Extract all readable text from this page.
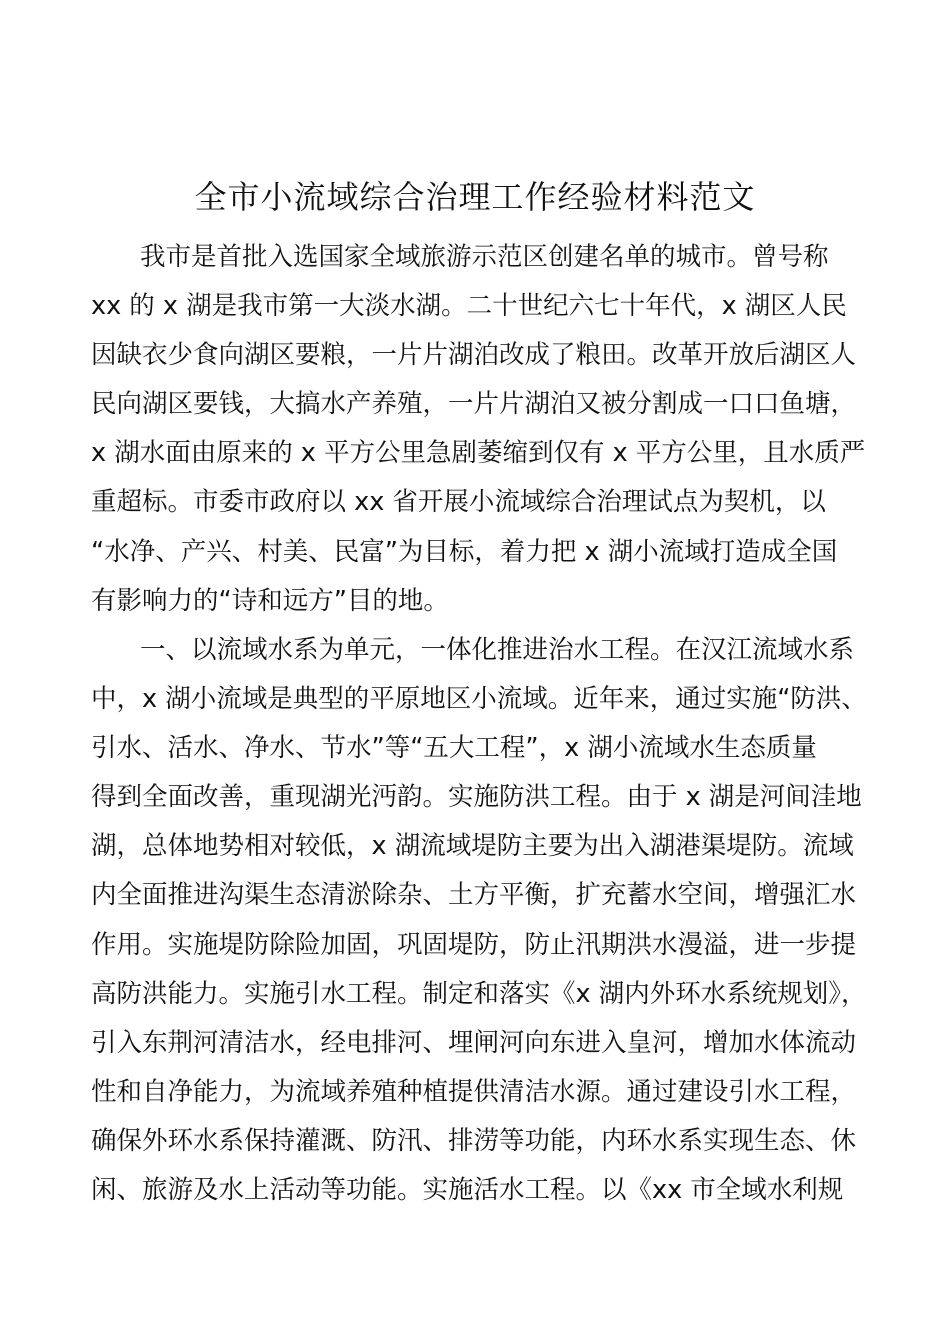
全市小流域综合治理工作经验材料范文
我市是首批入选国家全域旅游示范区创建名单的城市。曾号称
xx 的 x 湖是我市第一大淡水湖。二十世纪六七十年代，x 湖区人民
因缺衣少食向湖区要粮，一片片湖泊改成了粮田。改革开放后湖区人
民向湖区要钱，大搞水产养殖，一片片湖泊又被分割成一口口鱼塘，
x 湖水面由原来的 x 平方公里急剧萎缩到仅有 x 平方公里，且水质严
重超标。市委市政府以 xx 省开展小流域综合治理试点为契机，以
“水净、产兴、村美、民富”为目标，着力把 x 湖小流域打造成全国
有影响力的“诗和远方”目的地。
一、以流域水系为单元，一体化推进治水工程。在汉江流域水系
中，x 湖小流域是典型的平原地区小流域。近年来，通过实施“防洪、
引水、活水、净水、节水”等“五大工程”，x 湖小流域水生态质量
得到全面改善，重现湖光沔韵。实施防洪工程。由于 x 湖是河间洼地
湖，总体地势相对较低，x 湖流域堤防主要为出入湖港渠堤防。流域
内全面推进沟渠生态清淤除杂、土方平衡，扩充蓄水空间，增强汇水
作用。实施堤防除险加固，巩固堤防，防止汛期洪水漫溢，进一步提
高防洪能力。实施引水工程。制定和落实《x 湖内外环水系统规划》，
引入东荆河清洁水，经电排河、埋闸河向东进入皇河，增加水体流动
性和自净能力，为流域养殖种植提供清洁水源。通过建设引水工程，
确保外环水系保持灌溉、防汛、排涝等功能，内环水系实现生态、休
闲、旅游及水上活动等功能。实施活水工程。以《xx 市全域水利规
